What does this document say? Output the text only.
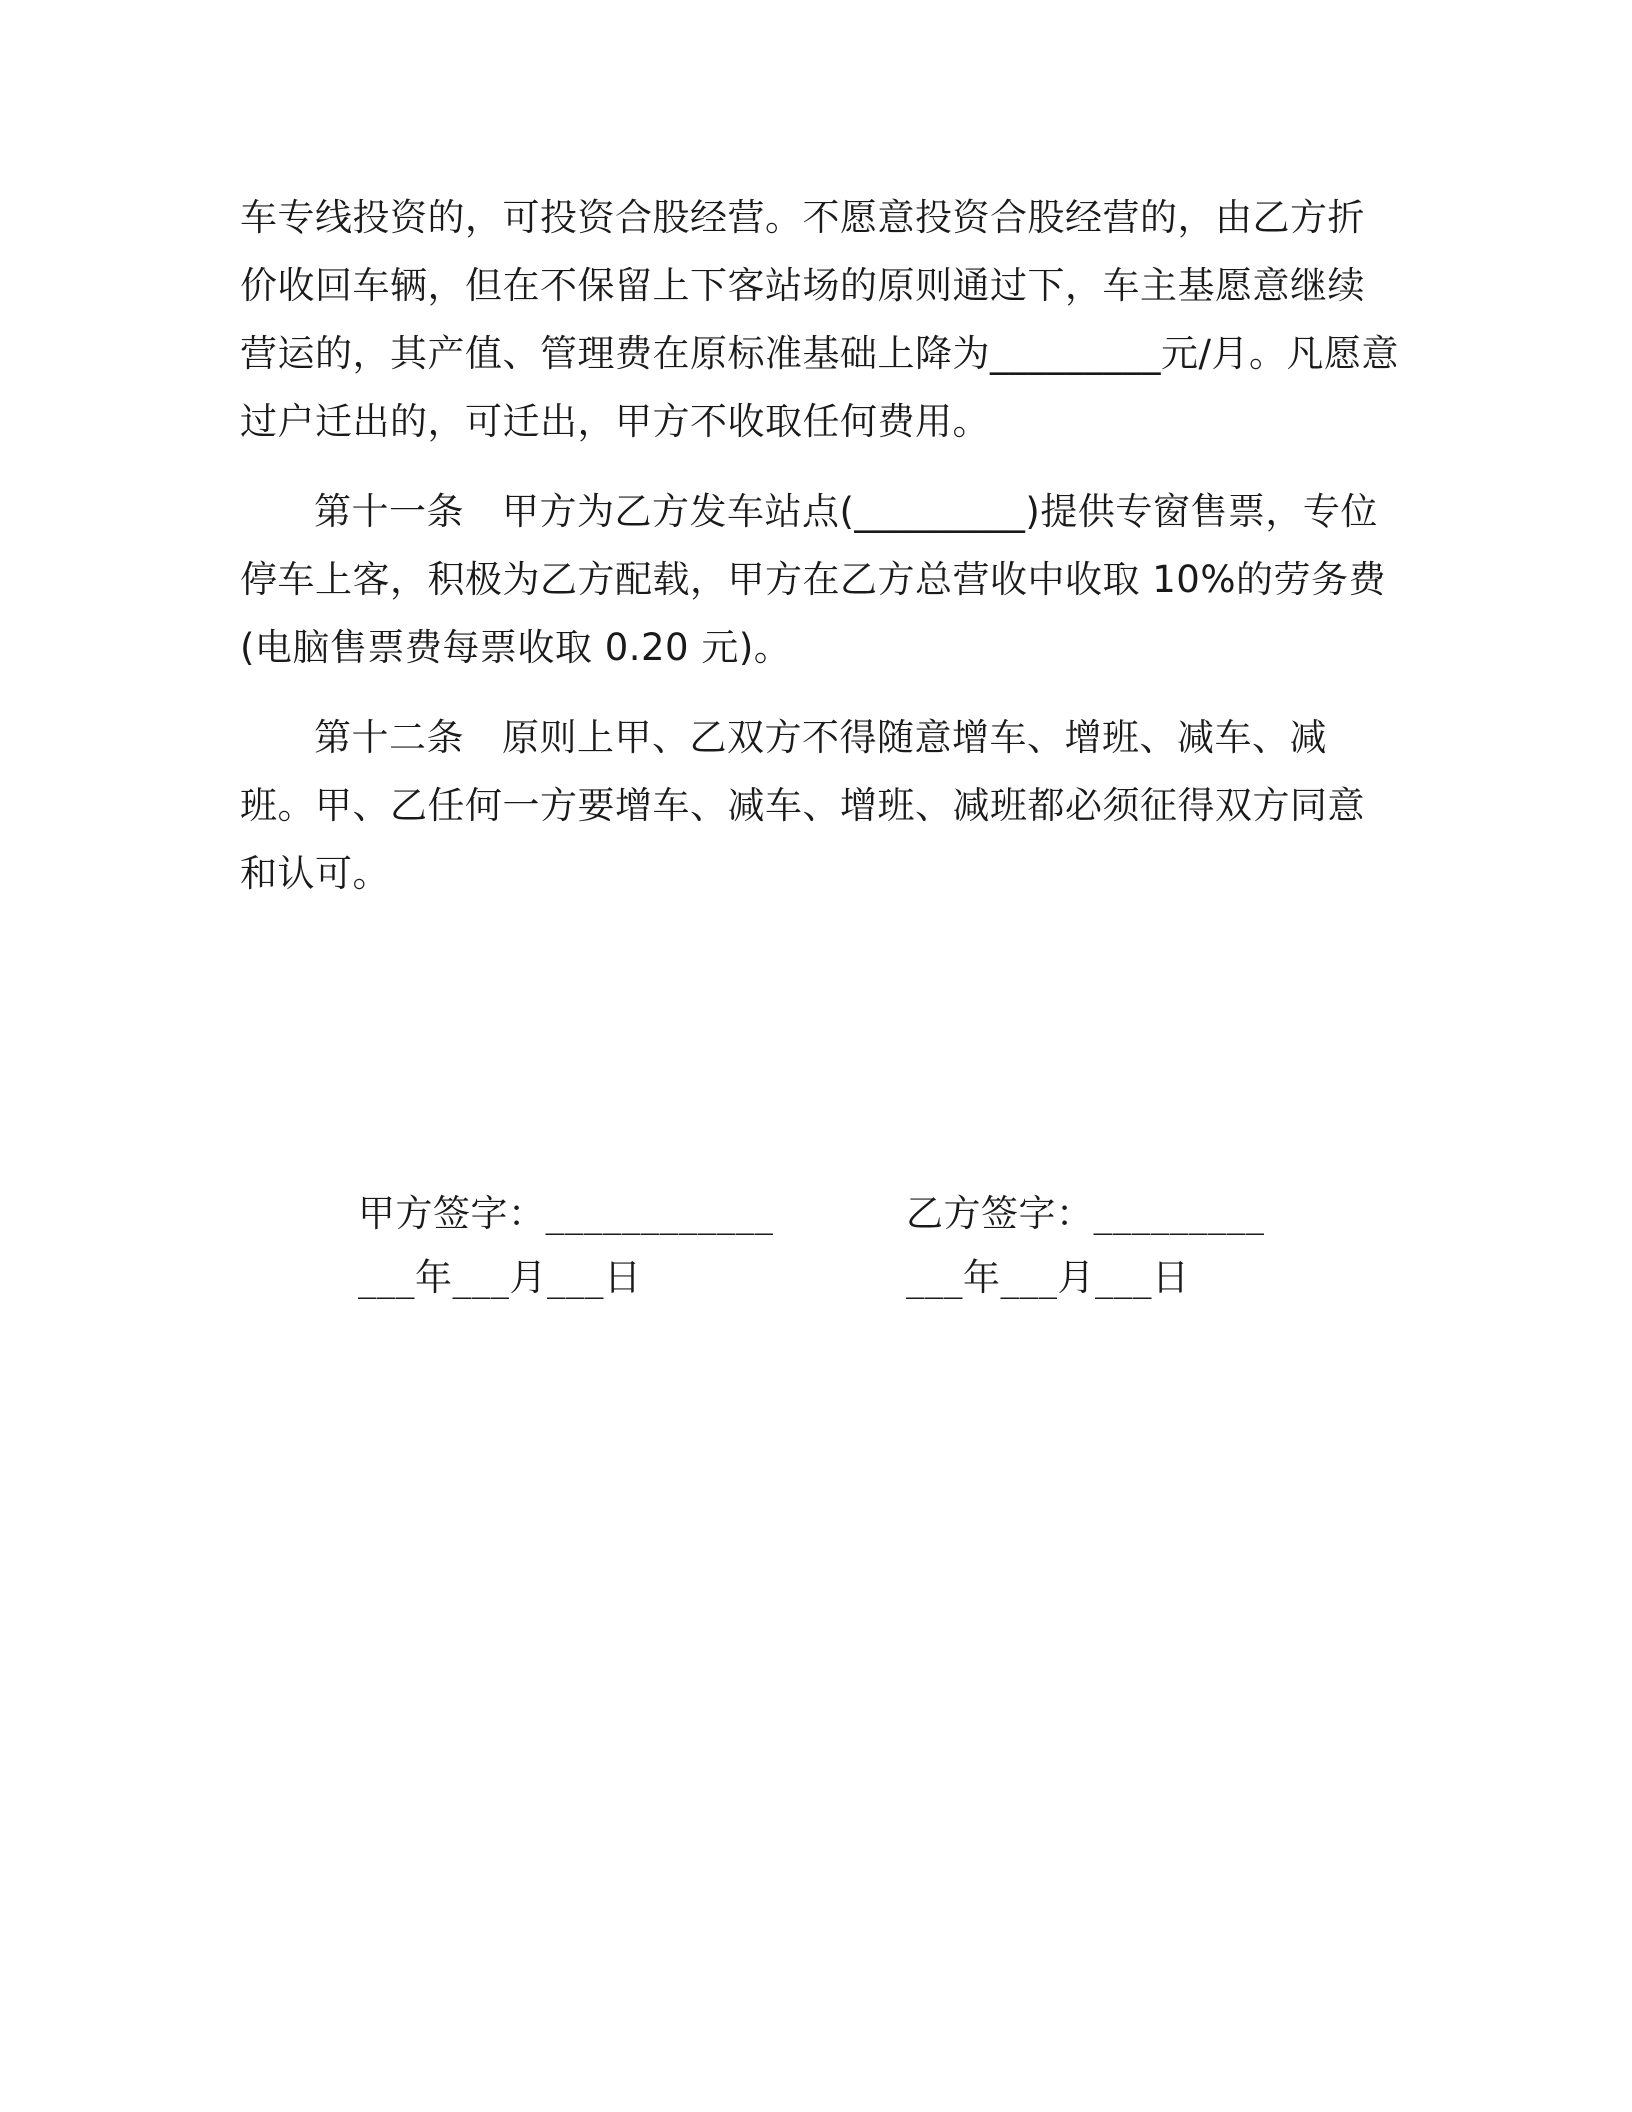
车专线投资的，可投资合股经营。不愿意投资合股经营的，由乙方折价收回车辆，但在不保留上下客站场的原则通过下，车主基愿意继续营运的，其产值、管理费在原标准基础上降为_________元/月。凡愿意过户迁出的，可迁出，甲方不收取任何费用。

第十一条 甲方为乙方发车站点(_________)提供专窗售票，专位停车上客，积极为乙方配载，甲方在乙方总营收中收取 10%的劳务费(电脑售票费每票收取 0.20 元)。

第十二条 原则上甲、乙双方不得随意增车、增班、减车、减班。甲、乙任何一方要增车、减车、增班、减班都必须征得双方同意和认可。

甲方签字：____________
___年___月___日
乙方签字：_________
___年___月___日
